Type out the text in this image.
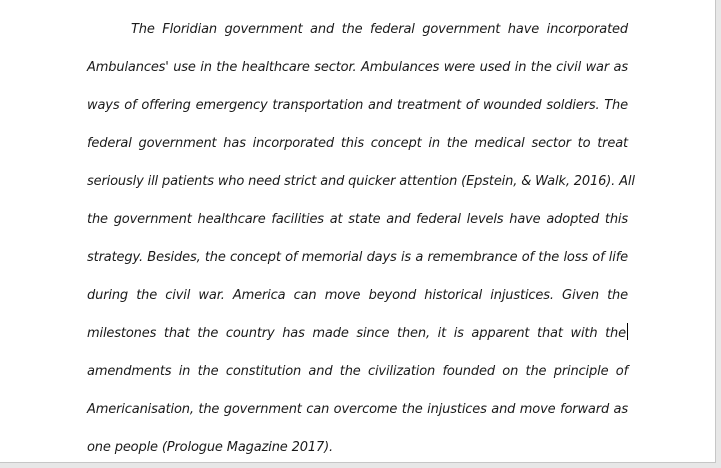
The Floridian government and the federal government have incorporated
Ambulances' use in the healthcare sector. Ambulances were used in the civil war as
ways of offering emergency transportation and treatment of wounded soldiers. The
federal government has incorporated this concept in the medical sector to treat
seriously ill patients who need strict and quicker attention (Epstein, & Walk, 2016). All
the government healthcare facilities at state and federal levels have adopted this
strategy. Besides, the concept of memorial days is a remembrance of the loss of life
during the civil war. America can move beyond historical injustices. Given the
milestones that the country has made since then, it is apparent that with the
amendments in the constitution and the civilization founded on the principle of
Americanisation, the government can overcome the injustices and move forward as
one people (Prologue Magazine 2017).
